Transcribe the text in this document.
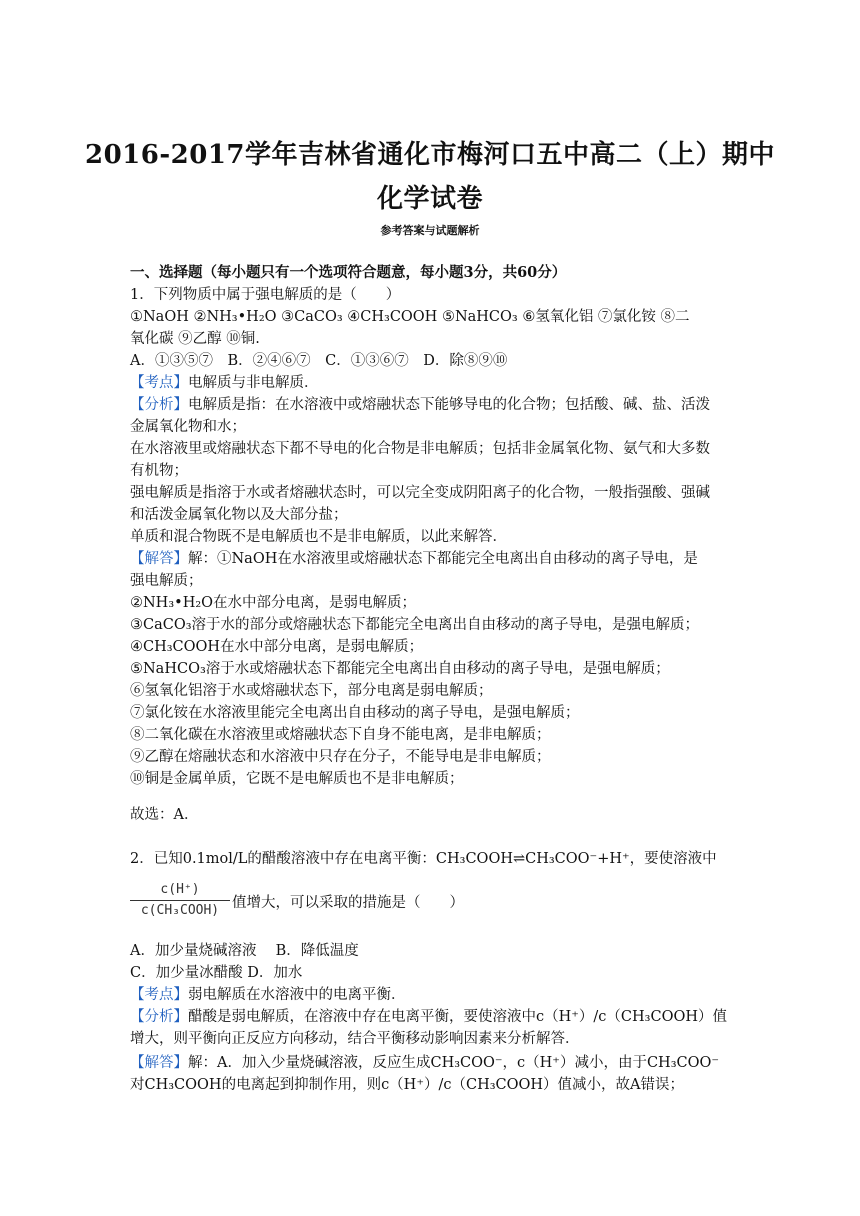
2016-2017学年吉林省通化市梅河口五中高二（上）期中
化学试卷
参考答案与试题解析
一、选择题（每小题只有一个选项符合题意，每小题3分，共60分）
1．下列物质中属于强电解质的是（　　）
①NaOH ②NH₃•H₂O ③CaCO₃ ④CH₃COOH ⑤NaHCO₃ ⑥氢氧化铝 ⑦氯化铵 ⑧二
氧化碳 ⑨乙醇 ⑩铜.
A．①③⑤⑦　B．②④⑥⑦　C．①③⑥⑦　D．除⑧⑨⑩
【考点】电解质与非电解质．
【分析】电解质是指：在水溶液中或熔融状态下能够导电的化合物；包括酸、碱、盐、活泼
金属氧化物和水；
在水溶液里或熔融状态下都不导电的化合物是非电解质；包括非金属氧化物、氨气和大多数
有机物；
强电解质是指溶于水或者熔融状态时，可以完全变成阴阳离子的化合物，一般指强酸、强碱
和活泼金属氧化物以及大部分盐；
单质和混合物既不是电解质也不是非电解质，以此来解答．
【解答】解：①NaOH在水溶液里或熔融状态下都能完全电离出自由移动的离子导电，是
强电解质；
②NH₃•H₂O在水中部分电离，是弱电解质；
③CaCO₃溶于水的部分或熔融状态下都能完全电离出自由移动的离子导电，是强电解质；
④CH₃COOH在水中部分电离，是弱电解质；
⑤NaHCO₃溶于水或熔融状态下都能完全电离出自由移动的离子导电，是强电解质；
⑥氢氧化铝溶于水或熔融状态下，部分电离是弱电解质；
⑦氯化铵在水溶液里能完全电离出自由移动的离子导电，是强电解质；
⑧二氧化碳在水溶液里或熔融状态下自身不能电离，是非电解质；
⑨乙醇在熔融状态和水溶液中只存在分子，不能导电是非电解质；
⑩铜是金属单质，它既不是电解质也不是非电解质；
故选：A．
2．已知0.1mol/L的醋酸溶液中存在电离平衡：CH₃COOH⇌CH₃COO⁻+H⁺，要使溶液中
c(H⁺)
c(CH₃COOH) 值增大，可以采取的措施是（　　）
A．加少量烧碱溶液　 B．降低温度
C．加少量冰醋酸 D．加水
【考点】弱电解质在水溶液中的电离平衡．
【分析】醋酸是弱电解质，在溶液中存在电离平衡，要使溶液中c（H⁺）/c（CH₃COOH）值
增大，则平衡向正反应方向移动，结合平衡移动影响因素来分析解答．
【解答】解：A．加入少量烧碱溶液，反应生成CH₃COO⁻，c（H⁺）减小，由于CH₃COO⁻
对CH₃COOH的电离起到抑制作用，则c（H⁺）/c（CH₃COOH）值减小，故A错误；
